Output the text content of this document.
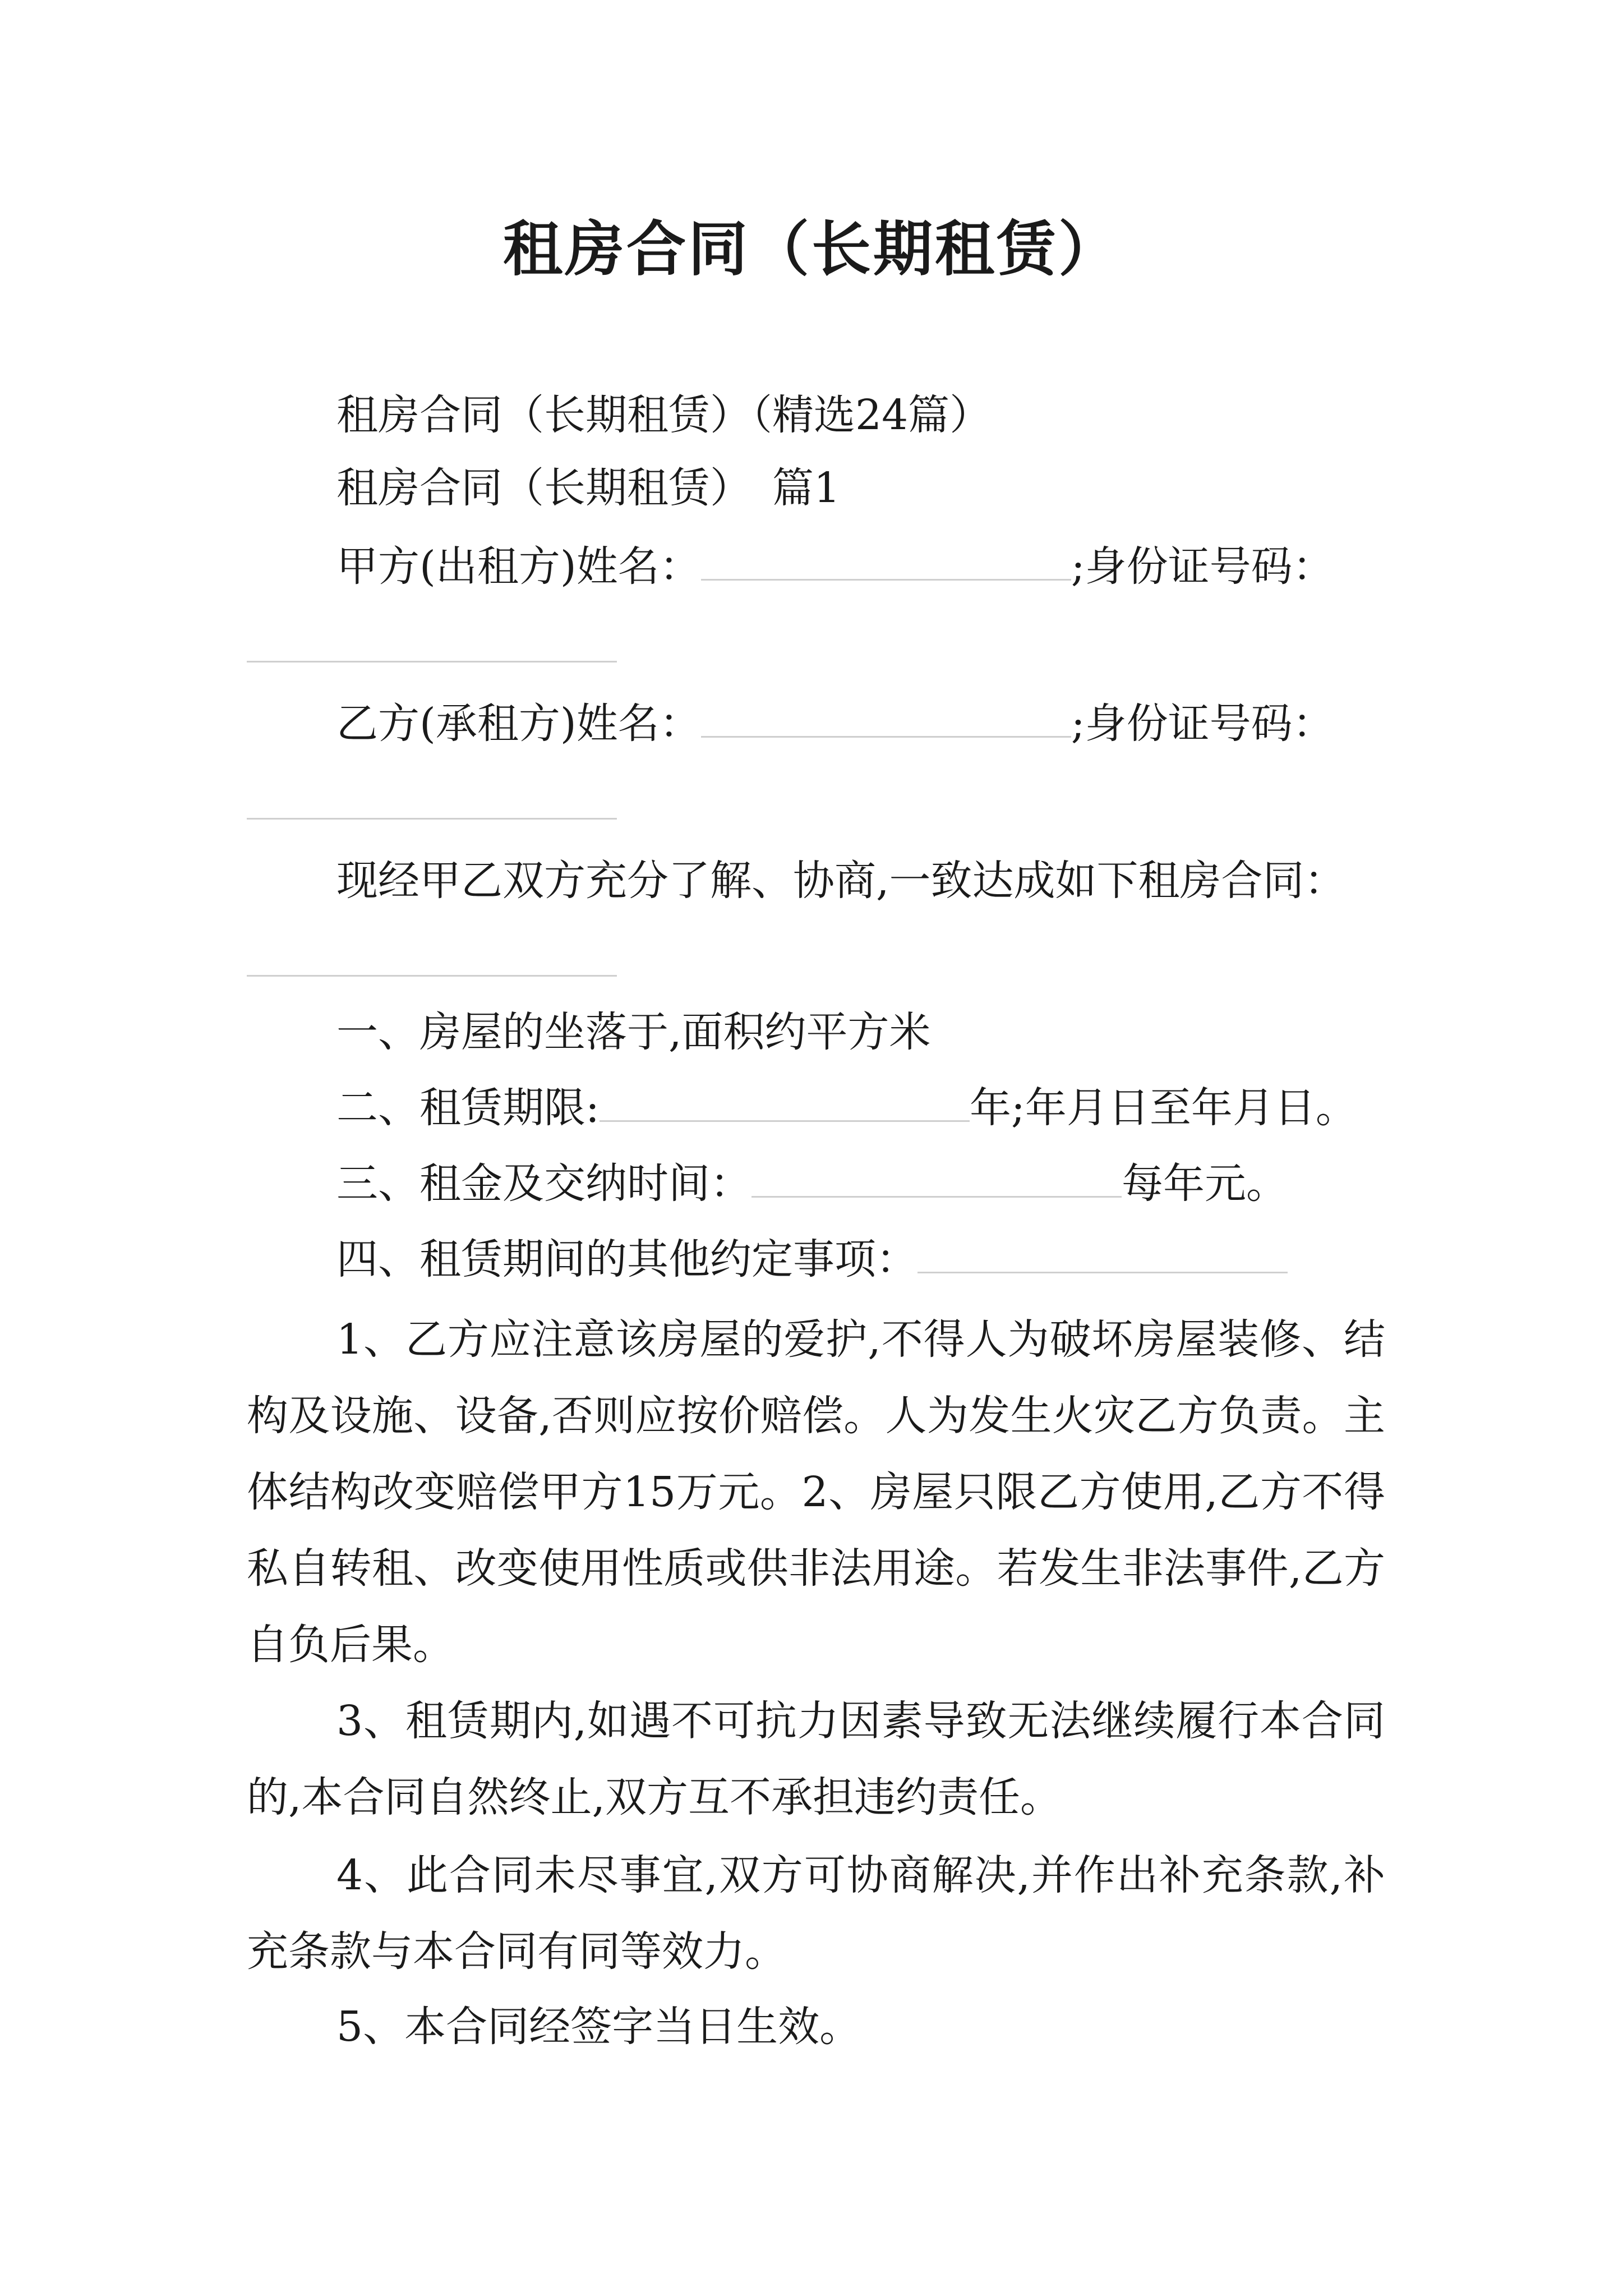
租房合同（长期租赁）
租房合同（长期租赁）（精选24篇）
租房合同（长期租赁）　篇1
甲方(出租方)姓名：	;身份证号码：
乙方(承租方)姓名：	;身份证号码：
现经甲乙双方充分了解、协商,一致达成如下租房合同：
一、房屋的坐落于,面积约平方米
二、租赁期限:	年;年月日至年月日。
三、租金及交纳时间：	每年元。
四、租赁期间的其他约定事项：
1、乙方应注意该房屋的爱护,不得人为破坏房屋装修、结构及设施、设备,否则应按价赔偿。人为发生火灾乙方负责。主体结构改变赔偿甲方15万元。2、房屋只限乙方使用,乙方不得私自转租、改变使用性质或供非法用途。若发生非法事件,乙方自负后果。
3、租赁期内,如遇不可抗力因素导致无法继续履行本合同的,本合同自然终止,双方互不承担违约责任。
4、此合同未尽事宜,双方可协商解决,并作出补充条款,补充条款与本合同有同等效力。
5、本合同经签字当日生效。
